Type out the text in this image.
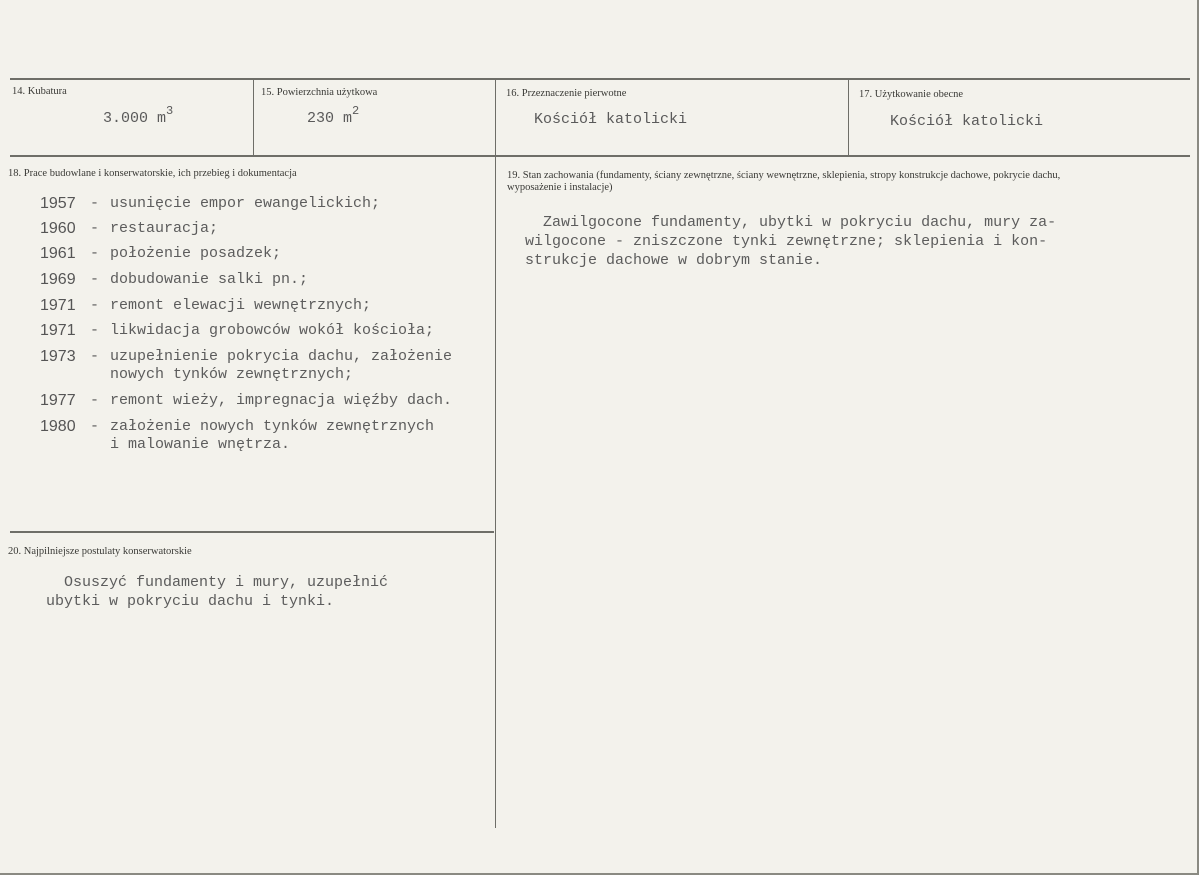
14. Kubatura
3.000 $m^3$
15. Powierzchnia użytkowa
230 $m^2$
16. Przeznaczenie pierwotne
Kościół katolicki
17. Użytkowanie obecne
Kościół katolicki
18. Prace budowlane i konserwatorskie, ich przebieg i dokumentacja
1957 - usunięcie empor ewangelickich;
1960 - restauracja;
1961 - położenie posadzek;
1969 - dobudowanie salki pn.;
1971 - remont elewacji wewnętrznych;
1971 - likwidacja grobowców wokół kościoła;
1973 - uzupełnienie pokrycia dachu, założenie
nowych tynków zewnętrznych;
1977 - remont wieży, impregnacja więźby dach.
1980 - założenie nowych tynków zewnętrznych
i malowanie wnętrza.
19. Stan zachowania (fundamenty, ściany zewnętrzne, ściany wewnętrzne, sklepienia, stropy konstrukcje dachowe, pokrycie dachu, wyposażenie i instalacje)
Zawilgocone fundamenty, ubytki w pokryciu dachu, mury za-
wilgocone - zniszczone tynki zewnętrzne; sklepienia i kon-
strukcje dachowe w dobrym stanie.
20. Najpilniejsze postulaty konserwatorskie
Osuszyć fundamenty i mury, uzupełnić
ubytki w pokryciu dachu i tynki.
